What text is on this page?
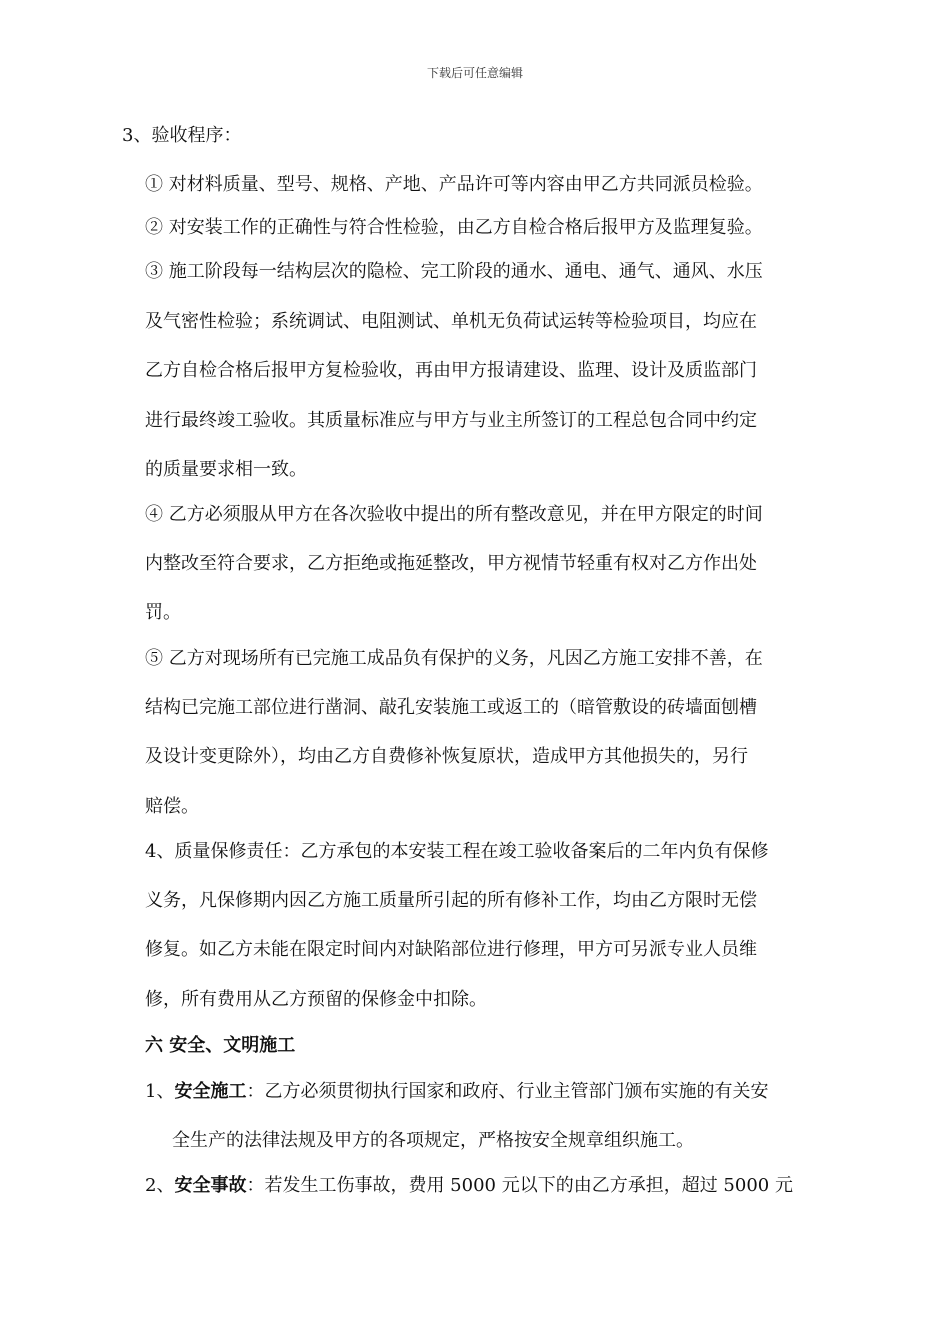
下载后可任意编辑
3、验收程序：
① 对材料质量、型号、规格、产地、产品许可等内容由甲乙方共同派员检验。
② 对安装工作的正确性与符合性检验，由乙方自检合格后报甲方及监理复验。
③ 施工阶段每一结构层次的隐检、完工阶段的通水、通电、通气、通风、水压
及气密性检验；系统调试、电阻测试、单机无负荷试运转等检验项目，均应在
乙方自检合格后报甲方复检验收，再由甲方报请建设、监理、设计及质监部门
进行最终竣工验收。其质量标准应与甲方与业主所签订的工程总包合同中约定
的质量要求相一致。
④ 乙方必须服从甲方在各次验收中提出的所有整改意见，并在甲方限定的时间
内整改至符合要求，乙方拒绝或拖延整改，甲方视情节轻重有权对乙方作出处
罚。
⑤ 乙方对现场所有已完施工成品负有保护的义务，凡因乙方施工安排不善，在
结构已完施工部位进行凿洞、敲孔安装施工或返工的（暗管敷设的砖墙面刨槽
及设计变更除外），均由乙方自费修补恢复原状，造成甲方其他损失的，另行
赔偿。
4、质量保修责任：乙方承包的本安装工程在竣工验收备案后的二年内负有保修
义务，凡保修期内因乙方施工质量所引起的所有修补工作，均由乙方限时无偿
修复。如乙方未能在限定时间内对缺陷部位进行修理，甲方可另派专业人员维
修，所有费用从乙方预留的保修金中扣除。
六 安全、文明施工
1、安全施工：乙方必须贯彻执行国家和政府、行业主管部门颁布实施的有关安
全生产的法律法规及甲方的各项规定，严格按安全规章组织施工。
2、安全事故：若发生工伤事故，费用 5000 元以下的由乙方承担，超过 5000 元
